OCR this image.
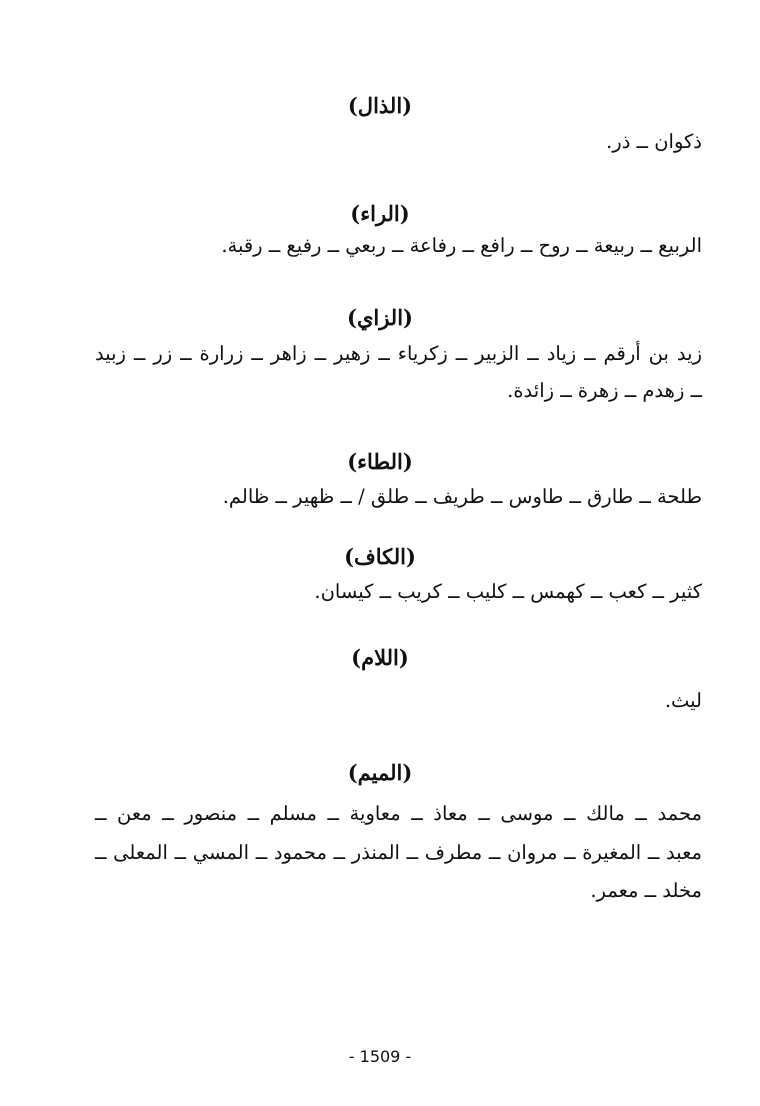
(الذال)
ذكوان ــ ذر.
(الراء)
الربيع ــ ربيعة ــ روح ــ رافع ــ رفاعة ــ ربعي ــ رفيع ــ رقبة.
(الزاي)
زيد بن أرقم ــ زياد ــ الزبير ــ زكرياء ــ زهير ــ زاهر ــ زرارة ــ زر ــ زبيد
ــ زهدم ــ زهرة ــ زائدة.
(الطاء)
طلحة ــ طارق ــ طاوس ــ طريف ــ طلق / ــ ظهير ــ ظالم.
(الكاف)
كثير ــ كعب ــ كهمس ــ كليب ــ كريب ــ كيسان.
(اللام)
ليث.
(الميم)
محمد ــ مالك ــ موسى ــ معاذ ــ معاوية ــ مسلم ــ منصور ــ معن ــ
معبد ــ المغيرة ــ مروان ــ مطرف ــ المنذر ــ محمود ــ المسي ــ المعلى ــ
مخلد ــ معمر.
- 1509 -
